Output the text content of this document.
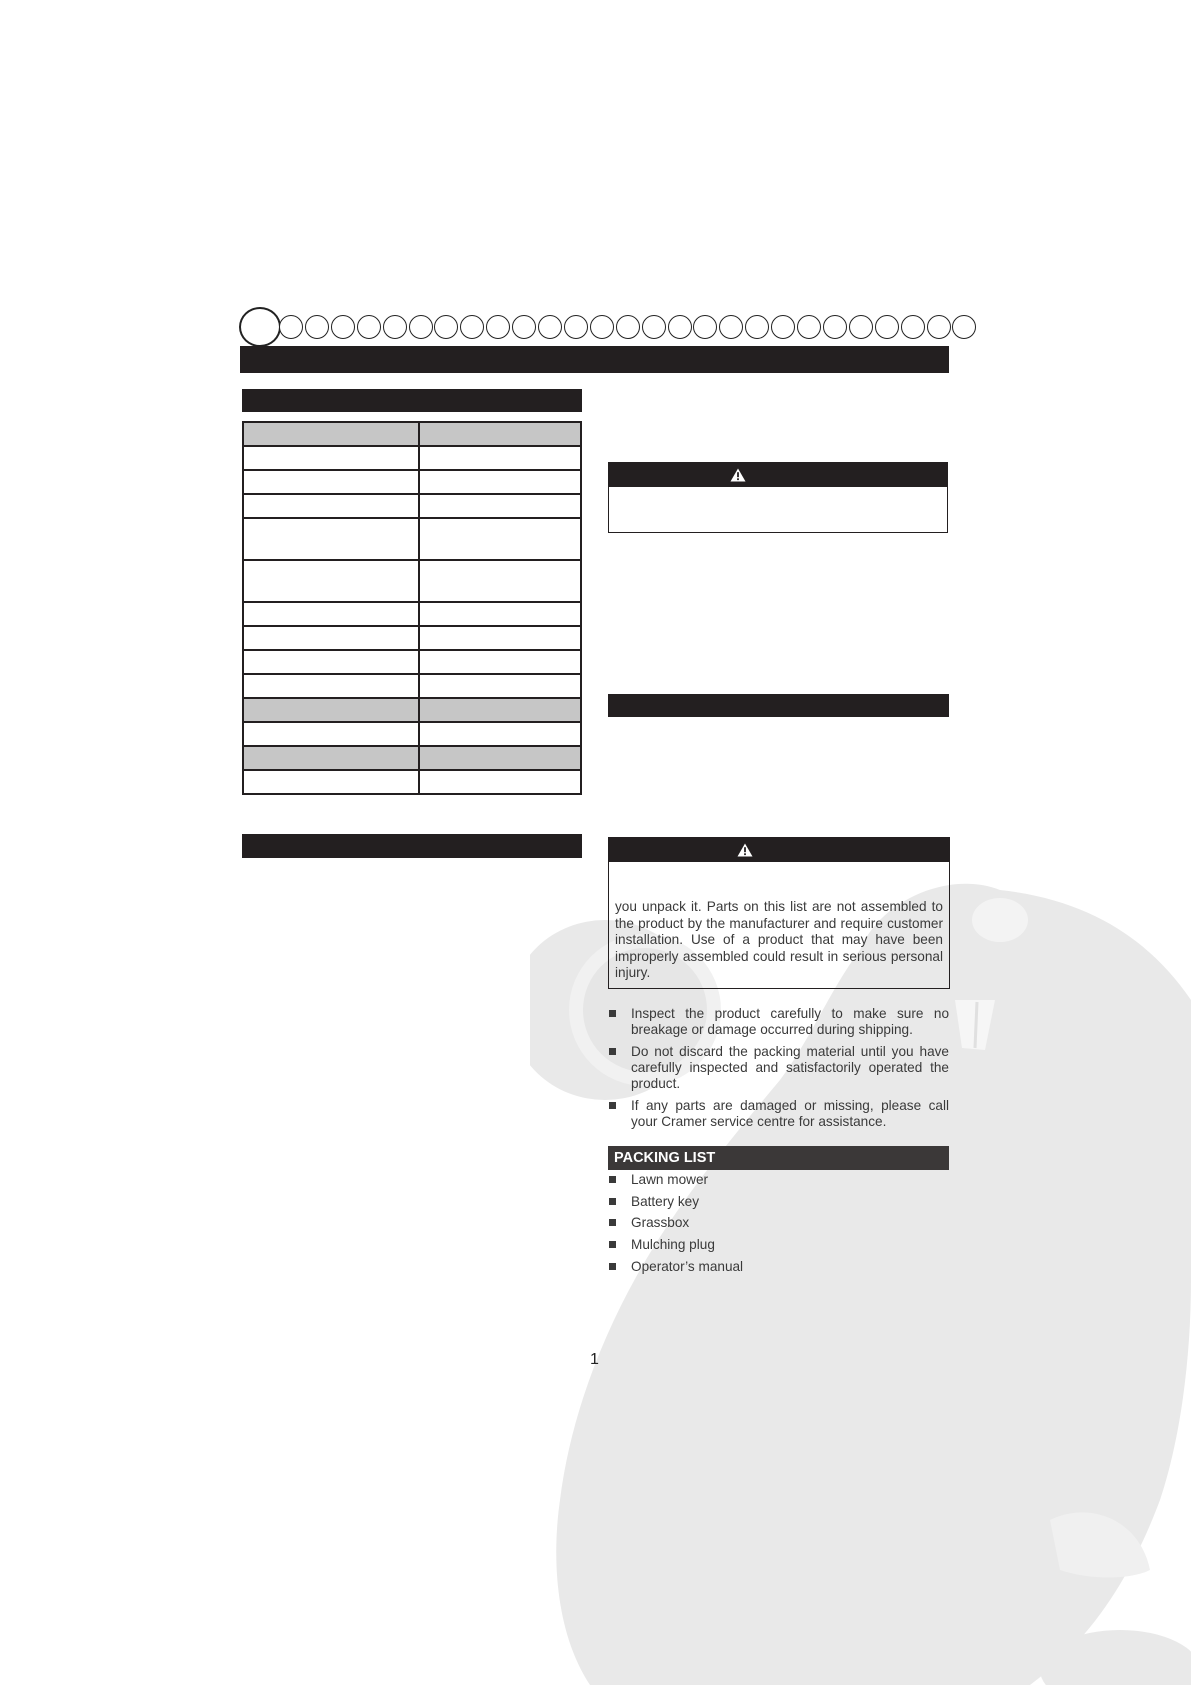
you unpack it. Parts on this list are not assembled to the product by the manufacturer and require customer installation. Use of a product that may have been improperly assembled could result in serious personal injury.
Inspect the product carefully to make sure no breakage or damage occurred during shipping.
Do not discard the packing material until you have carefully inspected and satisfactorily operated the product.
If any parts are damaged or missing, please call your Cramer service centre for assistance.
PACKING LIST
Lawn mower
Battery key
Grassbox
Mulching plug
Operator’s manual
1
